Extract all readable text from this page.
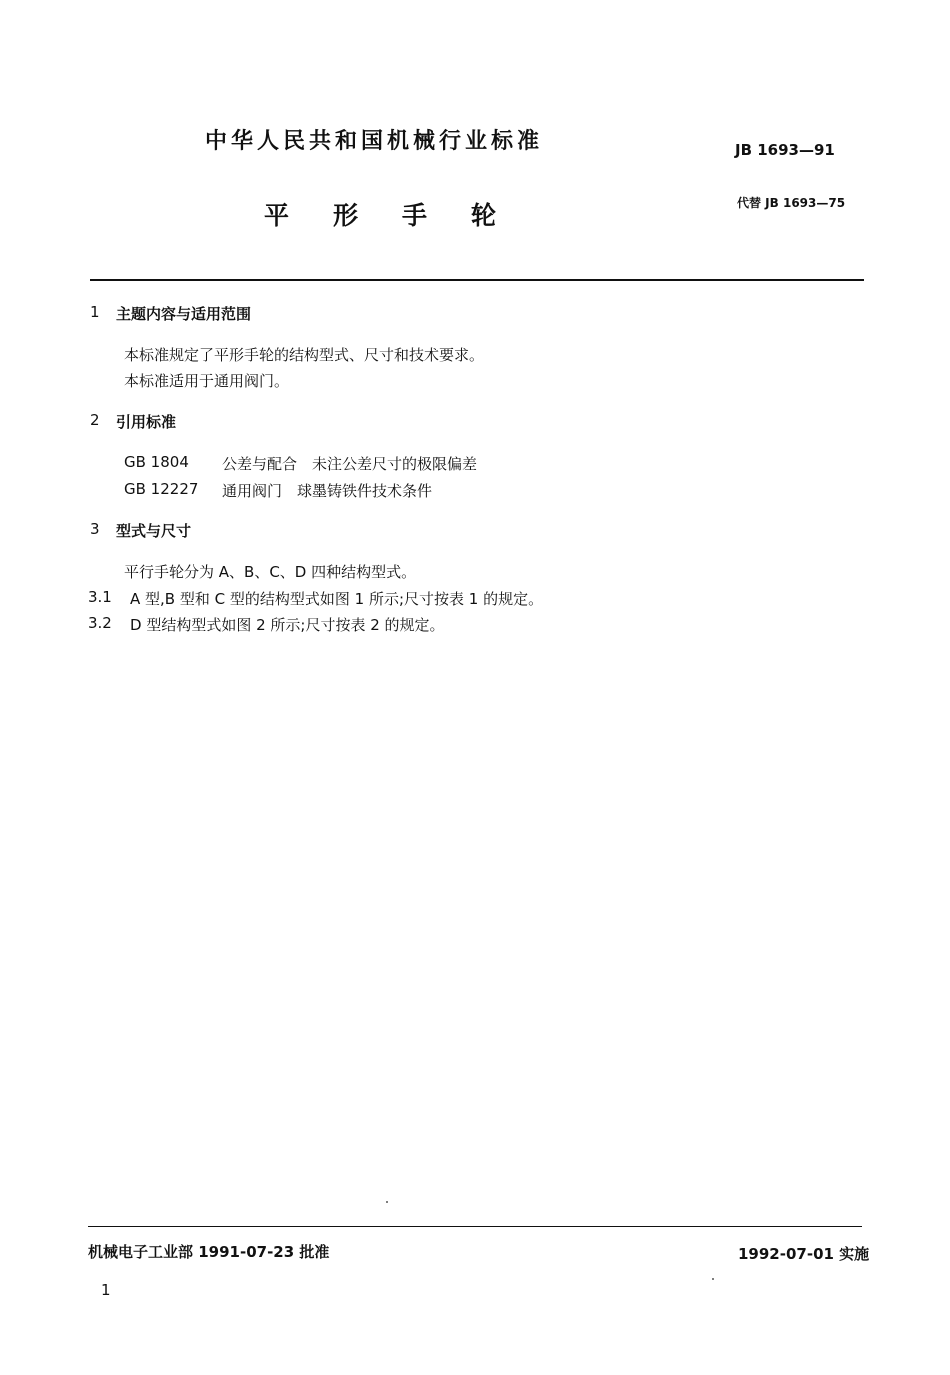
中华人民共和国机械行业标准	JB 1693—91
平形手轮	代替 JB 1693—75
1 主题内容与适用范围
本标准规定了平形手轮的结构型式、尺寸和技术要求。
本标准适用于通用阀门。
2 引用标准
GB 1804 公差与配合　未注公差尺寸的极限偏差
GB 12227 通用阀门　球墨铸铁件技术条件
3 型式与尺寸
平行手轮分为 A、B、C、D 四种结构型式。
3.1 A 型,B 型和 C 型的结构型式如图 1 所示;尺寸按表 1 的规定。
3.2 D 型结构型式如图 2 所示;尺寸按表 2 的规定。
机械电子工业部 1991-07-23 批准	1992-07-01 实施
1
